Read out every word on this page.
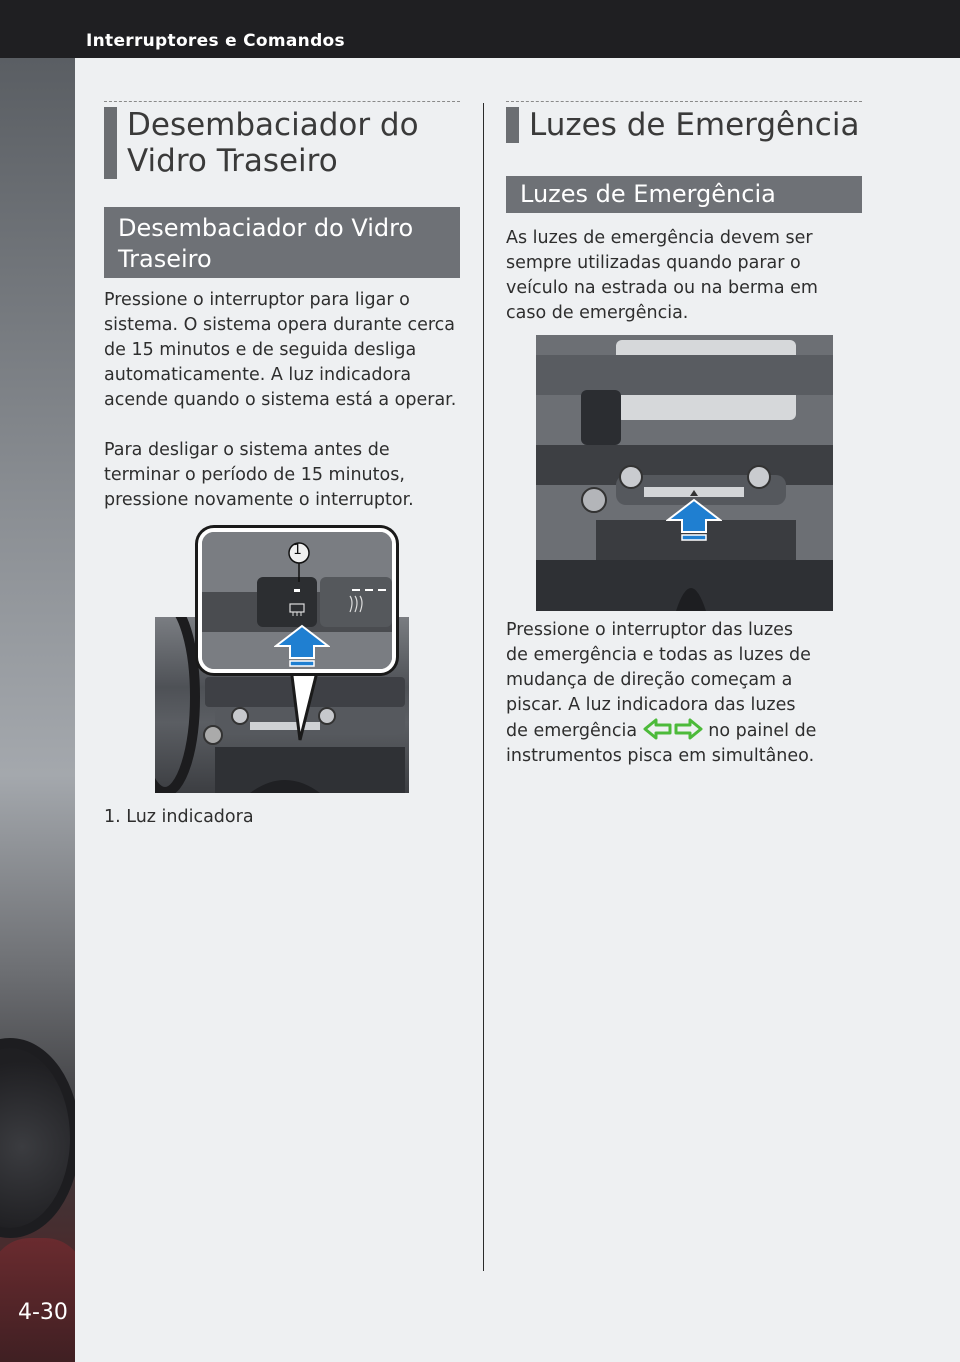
Interruptores e Comandos
4-30
Desembaciador do
Vidro Traseiro
Desembaciador do Vidro
Traseiro
Pressione o interruptor para ligar o
sistema. O sistema opera durante cerca
de 15 minutos e de seguida desliga
automaticamente. A luz indicadora
acende quando o sistema está a operar.
Para desligar o sistema antes de
terminar o período de 15 minutos,
pressione novamente o interruptor.
1
1. Luz indicadora
Luzes de Emergência
Luzes de Emergência
As luzes de emergência devem ser
sempre utilizadas quando parar o
veículo na estrada ou na berma em
caso de emergência.
Pressione o interruptor das luzes
de emergência e todas as luzes de
mudança de direção começam a
piscar. A luz indicadora das luzes
de emergência	no painel de
instrumentos pisca em simultâneo.
